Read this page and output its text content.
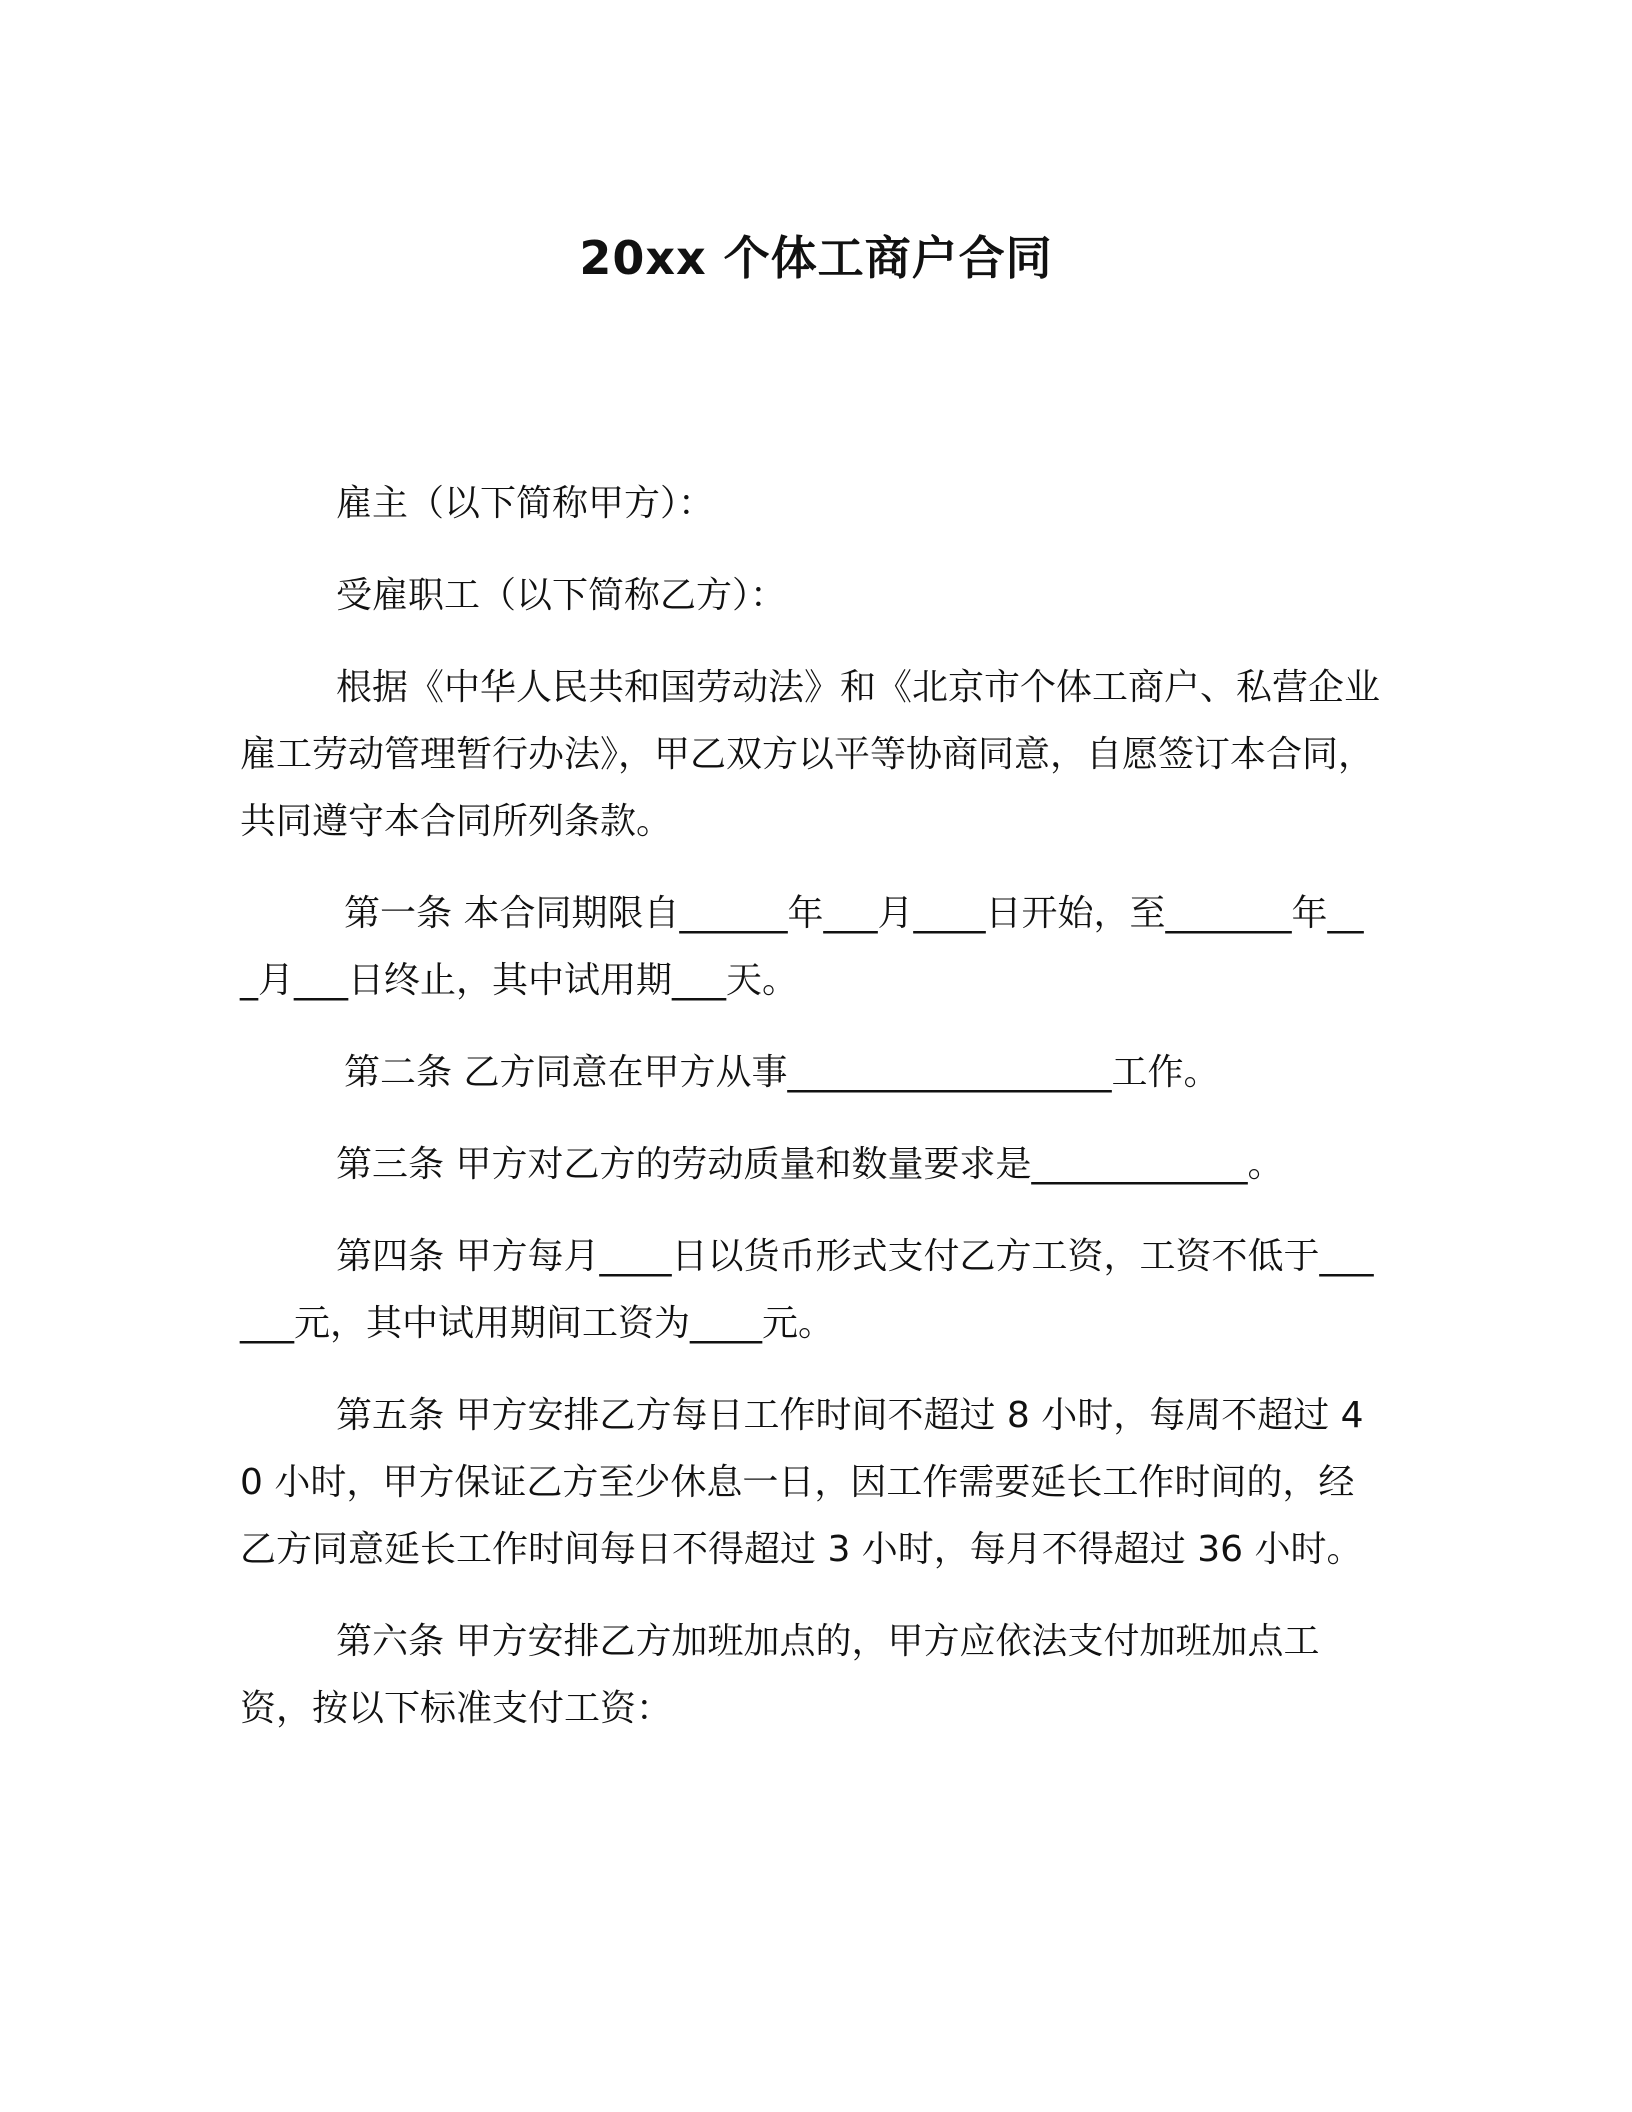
20xx 个体工商户合同

雇主（以下简称甲方）：

受雇职工（以下简称乙方）：

根据《中华人民共和国劳动法》和《北京市个体工商户、私营企业雇工劳动管理暂行办法》，甲乙双方以平等协商同意，自愿签订本合同，共同遵守本合同所列条款。

第一条 本合同期限自______年___月____日开始，至_______年___月___日终止，其中试用期___天。

第二条 乙方同意在甲方从事__________________工作。

第三条 甲方对乙方的劳动质量和数量要求是____________。

第四条 甲方每月____日以货币形式支付乙方工资，工资不低于______元，其中试用期间工资为____元。

第五条 甲方安排乙方每日工作时间不超过 8 小时，每周不超过 40 小时，甲方保证乙方至少休息一日，因工作需要延长工作时间的，经乙方同意延长工作时间每日不得超过 3 小时，每月不得超过 36 小时。

第六条 甲方安排乙方加班加点的，甲方应依法支付加班加点工资，按以下标准支付工资：
